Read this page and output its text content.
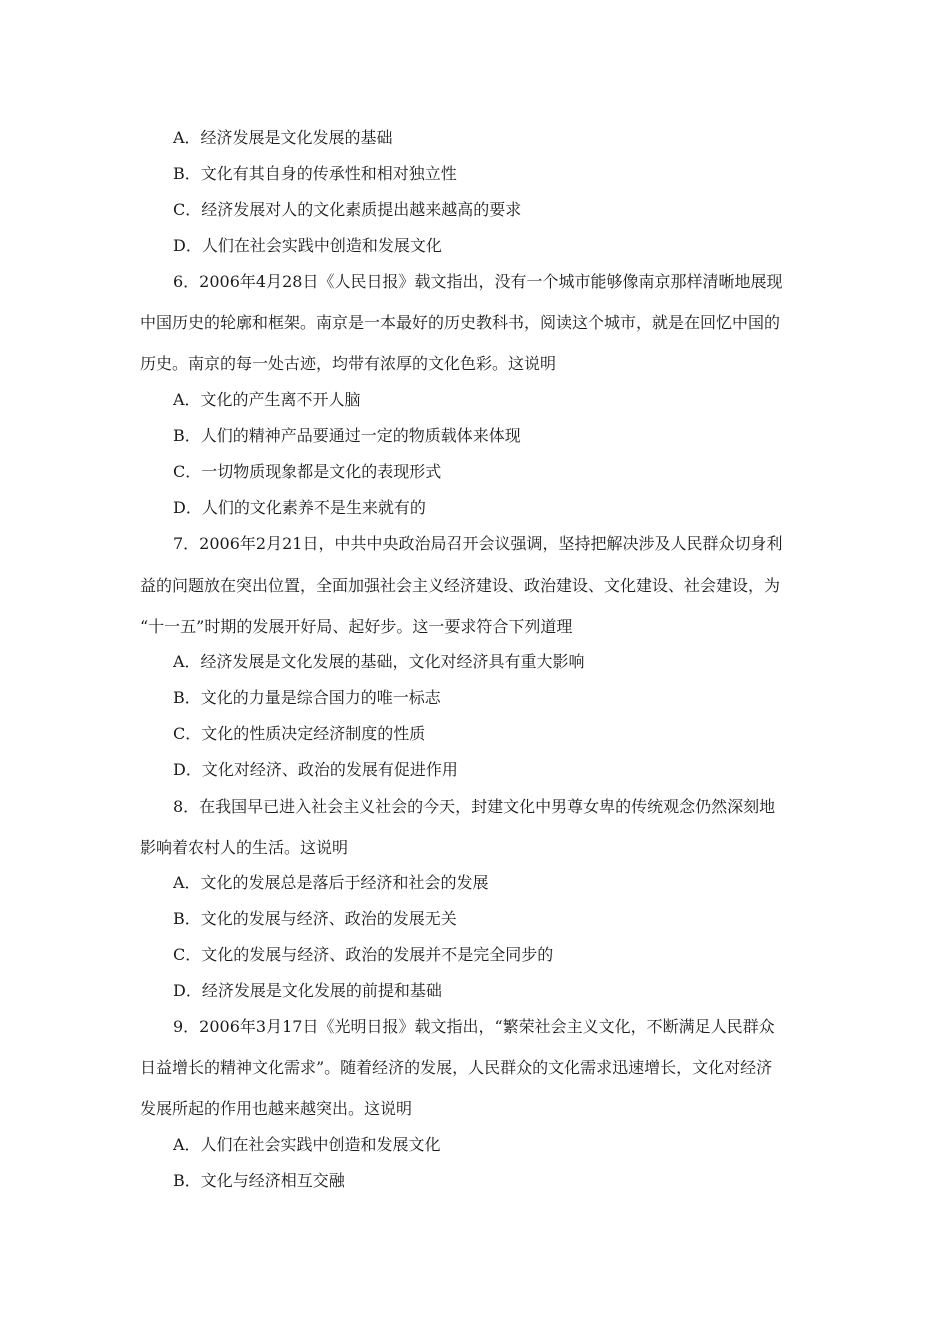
A．经济发展是文化发展的基础
B．文化有其自身的传承性和相对独立性
C．经济发展对人的文化素质提出越来越高的要求
D．人们在社会实践中创造和发展文化
6．2006年4月28日《人民日报》载文指出，没有一个城市能够像南京那样清晰地展现
中国历史的轮廓和框架。南京是一本最好的历史教科书，阅读这个城市，就是在回忆中国的
历史。南京的每一处古迹，均带有浓厚的文化色彩。这说明
A．文化的产生离不开人脑
B．人们的精神产品要通过一定的物质载体来体现
C．一切物质现象都是文化的表现形式
D．人们的文化素养不是生来就有的
7．2006年2月21日，中共中央政治局召开会议强调，坚持把解决涉及人民群众切身利
益的问题放在突出位置，全面加强社会主义经济建设、政治建设、文化建设、社会建设，为
“十一五”时期的发展开好局、起好步。这一要求符合下列道理
A．经济发展是文化发展的基础，文化对经济具有重大影响
B．文化的力量是综合国力的唯一标志
C．文化的性质决定经济制度的性质
D．文化对经济、政治的发展有促进作用
8．在我国早已进入社会主义社会的今天，封建文化中男尊女卑的传统观念仍然深刻地
影响着农村人的生活。这说明
A．文化的发展总是落后于经济和社会的发展
B．文化的发展与经济、政治的发展无关
C．文化的发展与经济、政治的发展并不是完全同步的
D．经济发展是文化发展的前提和基础
9．2006年3月17日《光明日报》载文指出，“繁荣社会主义文化，不断满足人民群众
日益增长的精神文化需求”。随着经济的发展，人民群众的文化需求迅速增长，文化对经济
发展所起的作用也越来越突出。这说明
A．人们在社会实践中创造和发展文化
B．文化与经济相互交融
